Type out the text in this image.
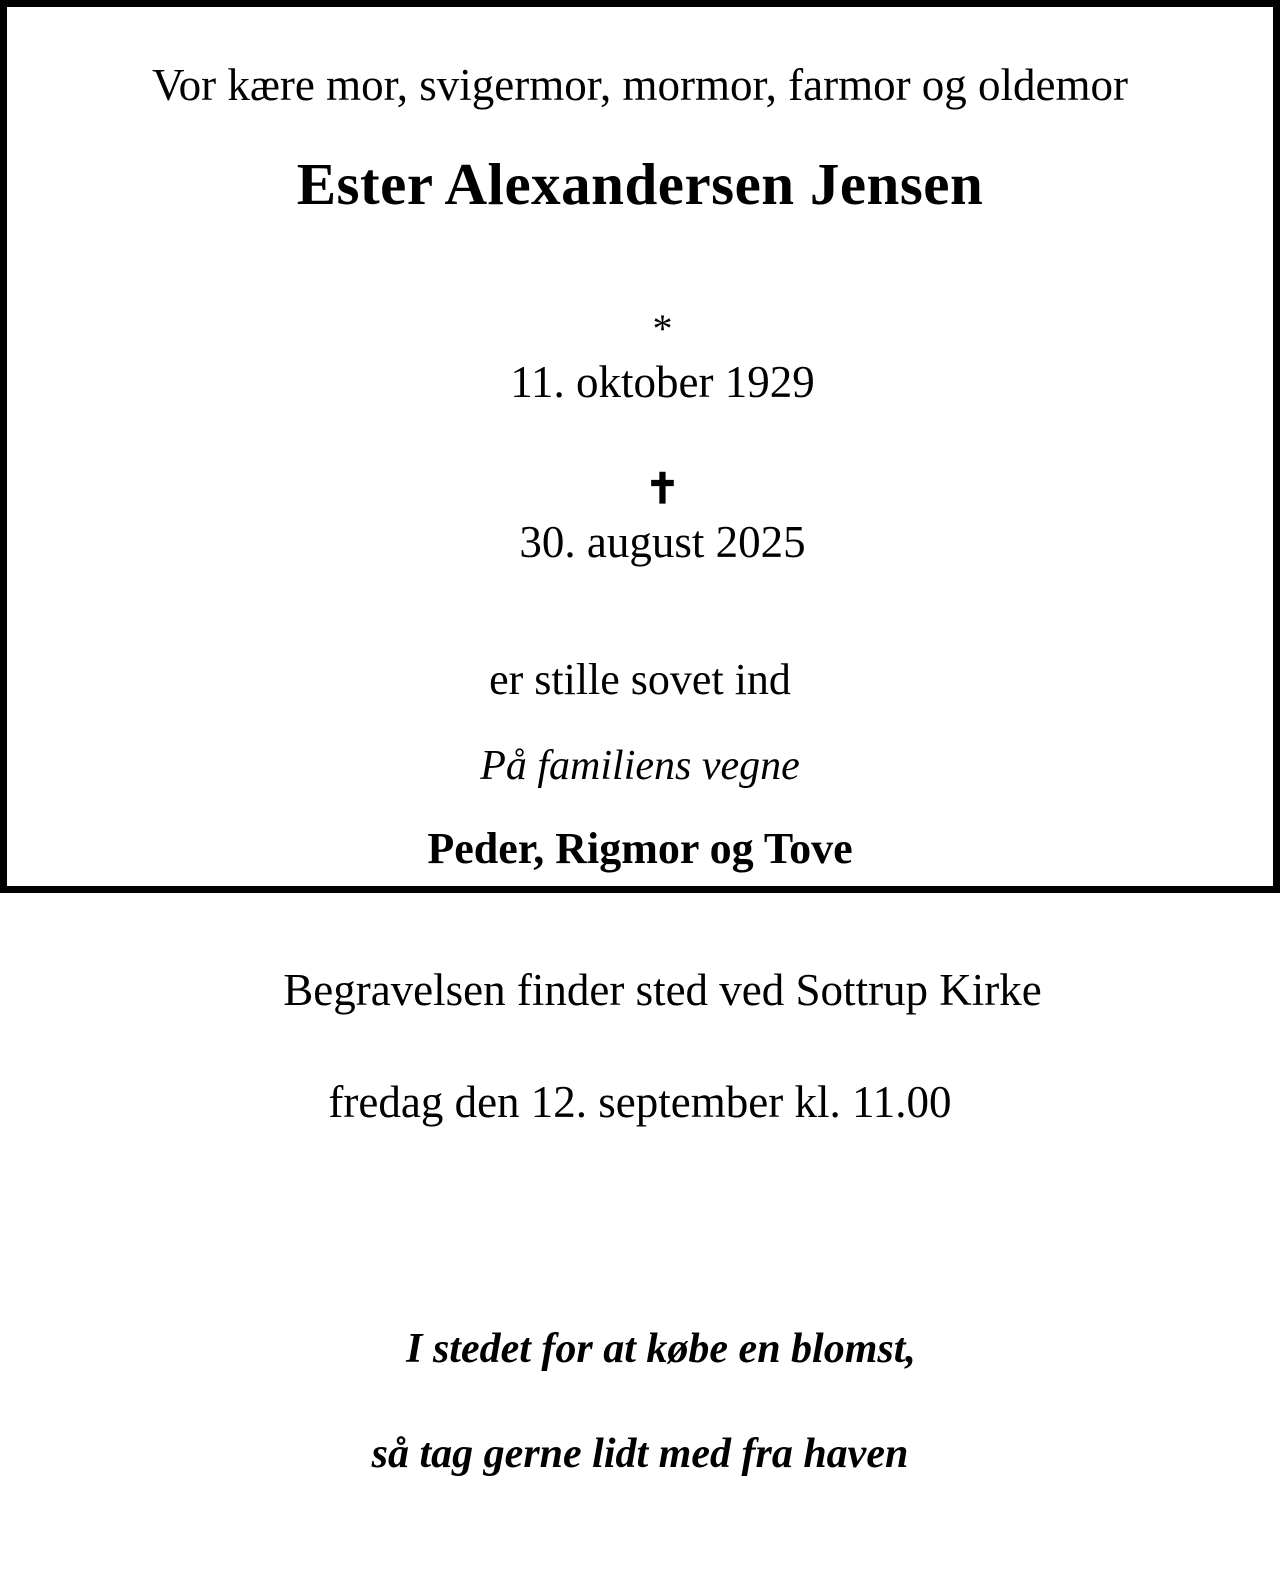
Vor kære mor, svigermor, mormor, farmor og oldemor
Ester Alexandersen Jensen

*
11. oktober 1929

✝
30. august 2025

er stille sovet ind
På familiens vegne
Peder, Rigmor og Tove

Begravelsen finder sted ved Sottrup Kirke

fredag den 12. september kl. 11.00

I stedet for at købe en blomst,

så tag gerne lidt med fra haven
